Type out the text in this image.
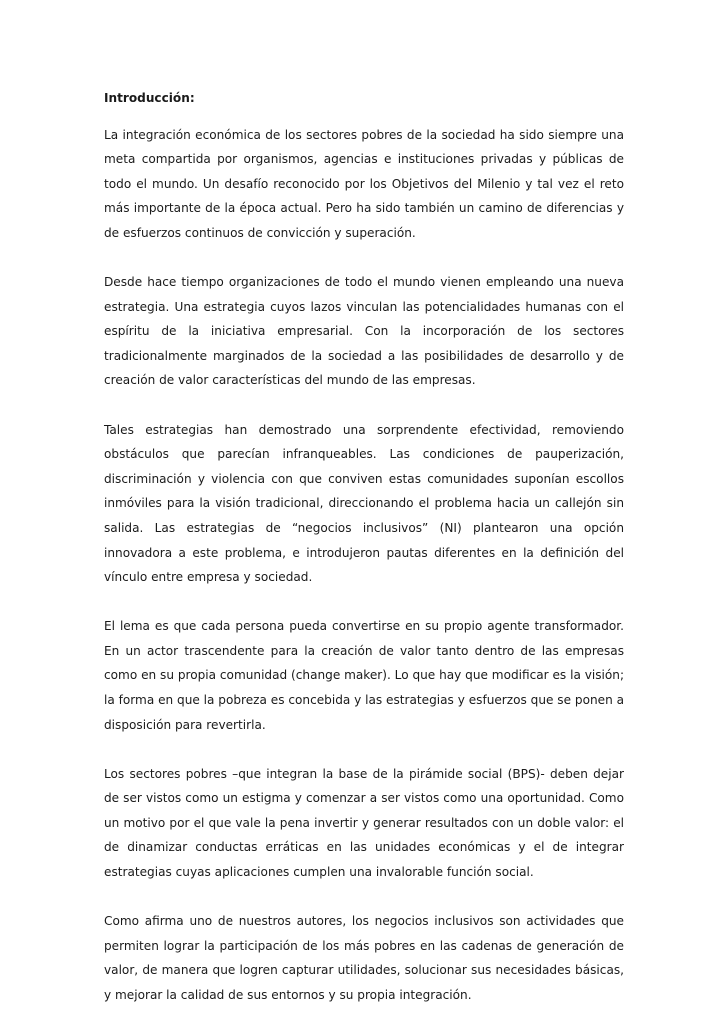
Introducción:

La integración económica de los sectores pobres de la sociedad ha sido siempre una meta compartida por organismos, agencias e instituciones privadas y públicas de todo el mundo. Un desafío reconocido por los Objetivos del Milenio y tal vez el reto más importante de la época actual. Pero ha sido también un camino de diferencias y de esfuerzos continuos de convicción y superación.

Desde hace tiempo organizaciones de todo el mundo vienen empleando una nueva estrategia. Una estrategia cuyos lazos vinculan las potencialidades humanas con el espíritu de la iniciativa empresarial. Con la incorporación de los sectores tradicionalmente marginados de la sociedad a las posibilidades de desarrollo y de creación de valor características del mundo de las empresas.

Tales estrategias han demostrado una sorprendente efectividad, removiendo obstáculos que parecían infranqueables. Las condiciones de pauperización, discriminación y violencia con que conviven estas comunidades suponían escollos inmóviles para la visión tradicional, direccionando el problema hacia un callejón sin salida. Las estrategias de “negocios inclusivos” (NI) plantearon una opción innovadora a este problema, e introdujeron pautas diferentes en la definición del vínculo entre empresa y sociedad.

El lema es que cada persona pueda convertirse en su propio agente transformador. En un actor trascendente para la creación de valor tanto dentro de las empresas como en su propia comunidad (change maker). Lo que hay que modificar es la visión; la forma en que la pobreza es concebida y las estrategias y esfuerzos que se ponen a disposición para revertirla.

Los sectores pobres –que integran la base de la pirámide social (BPS)- deben dejar de ser vistos como un estigma y comenzar a ser vistos como una oportunidad. Como un motivo por el que vale la pena invertir y generar resultados con un doble valor: el de dinamizar conductas erráticas en las unidades económicas y el de integrar estrategias cuyas aplicaciones cumplen una invalorable función social.

Como afirma uno de nuestros autores, los negocios inclusivos son actividades que permiten lograr la participación de los más pobres en las cadenas de generación de valor, de manera que logren capturar utilidades, solucionar sus necesidades básicas, y mejorar la calidad de sus entornos y su propia integración.
